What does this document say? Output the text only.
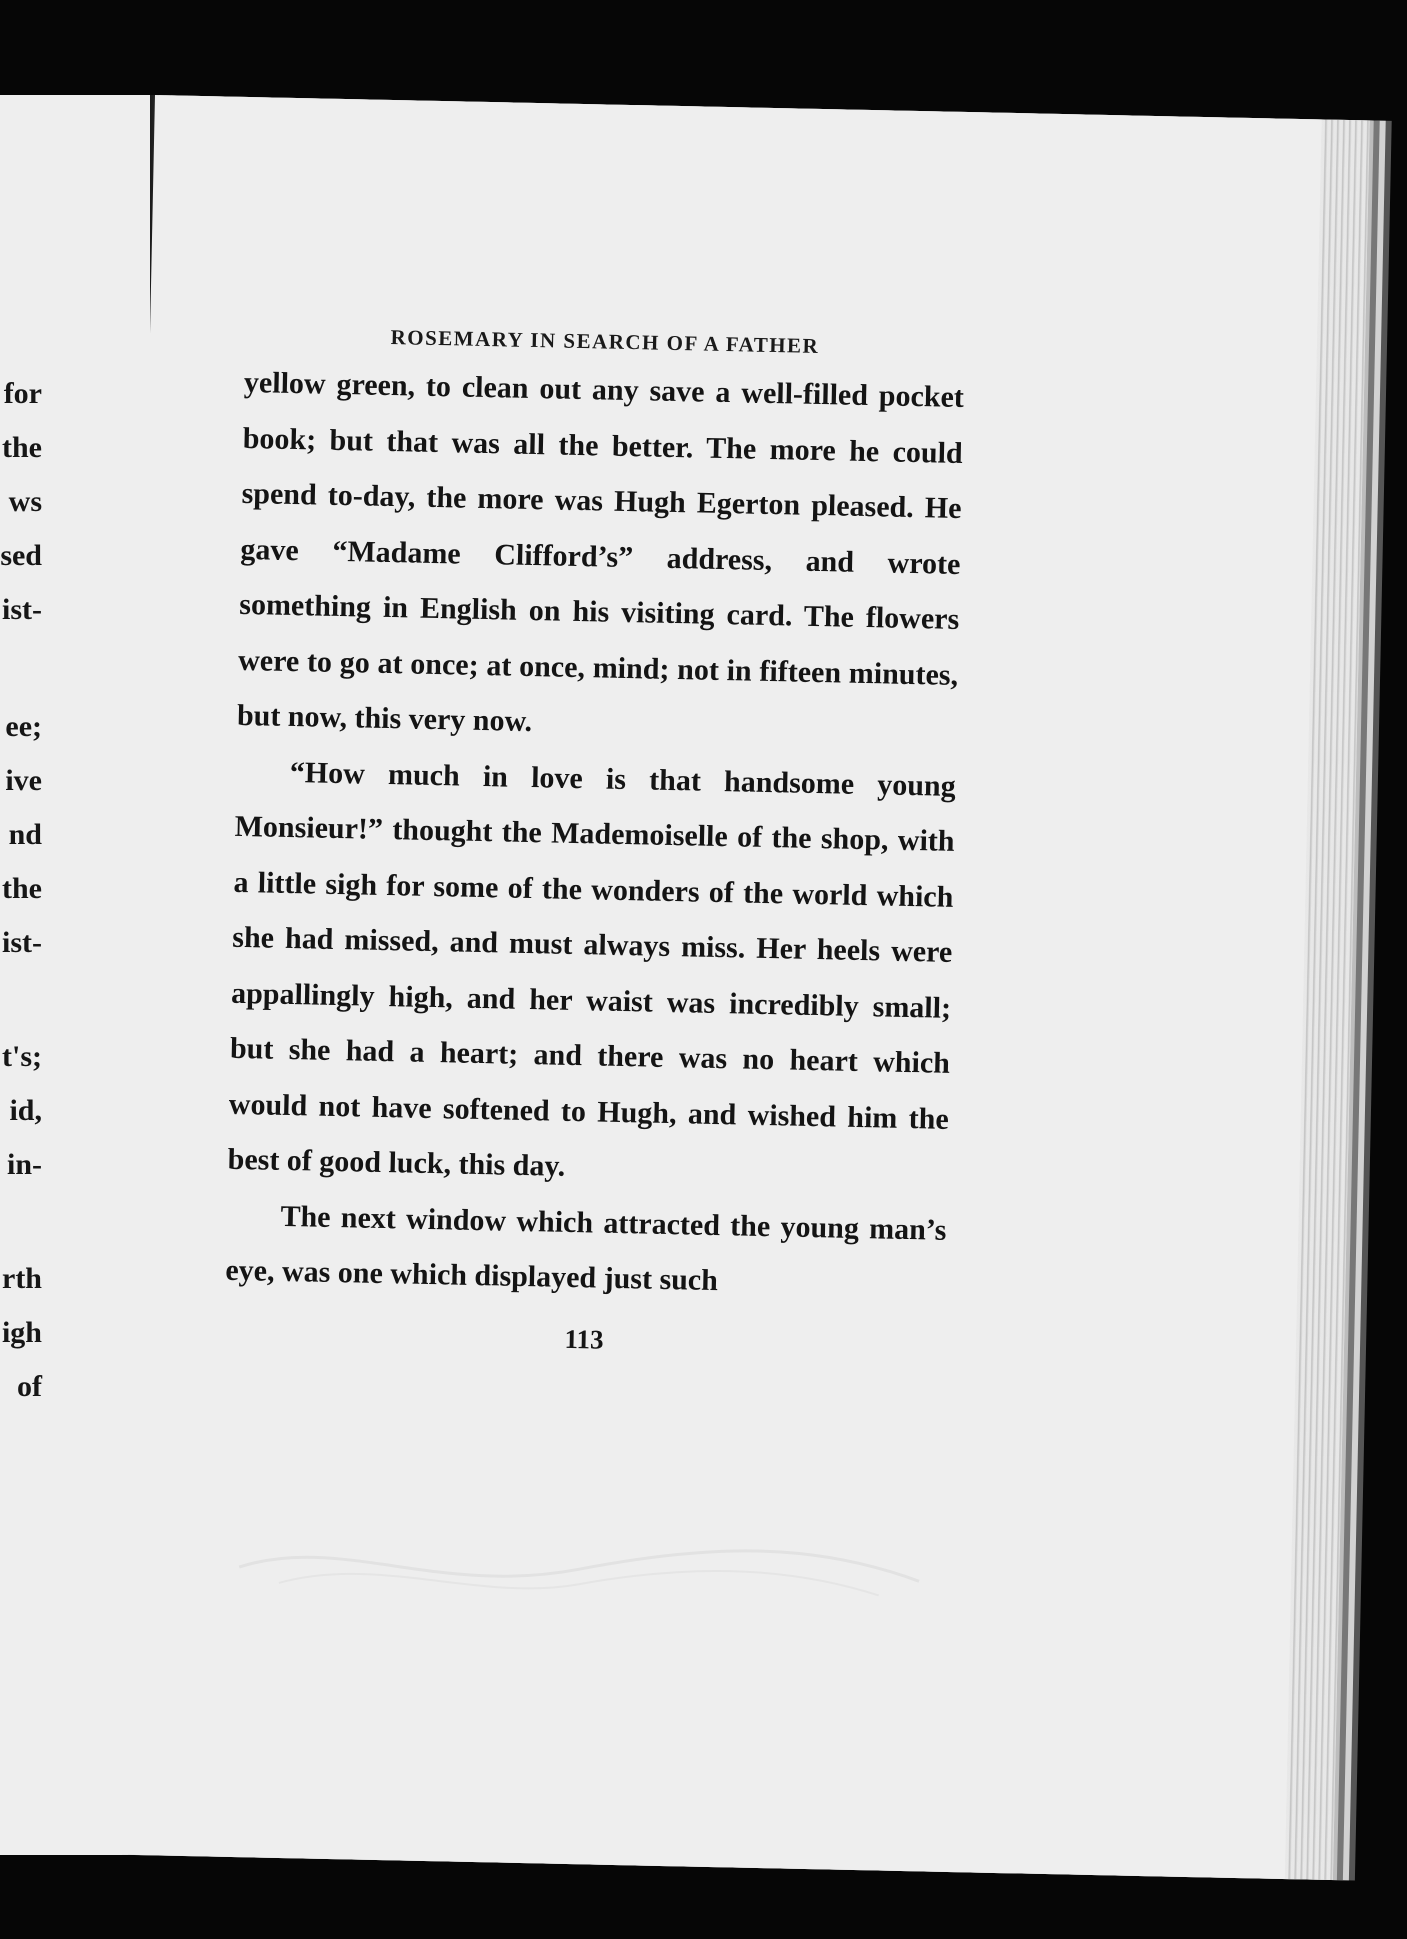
for
the
ws
sed
ist-
ee;
ive
nd
the
ist-
t's;
id,
in-
rth
igh
of
ROSEMARY IN SEARCH OF A FATHER

yellow green, to clean out any save a well-filled pocket book; but that was all the better. The more he could spend to-day, the more was Hugh Egerton pleased. He gave “Madame Clifford’s” address, and wrote something in English on his visiting card. The flowers were to go at once; at once, mind; not in fifteen minutes, but now, this very now.

“How much in love is that handsome young Monsieur!” thought the Mademoiselle of the shop, with a little sigh for some of the wonders of the world which she had missed, and must always miss. Her heels were appallingly high, and her waist was incredibly small; but she had a heart; and there was no heart which would not have softened to Hugh, and wished him the best of good luck, this day.

The next window which attracted the young man’s eye, was one which displayed just such

113
